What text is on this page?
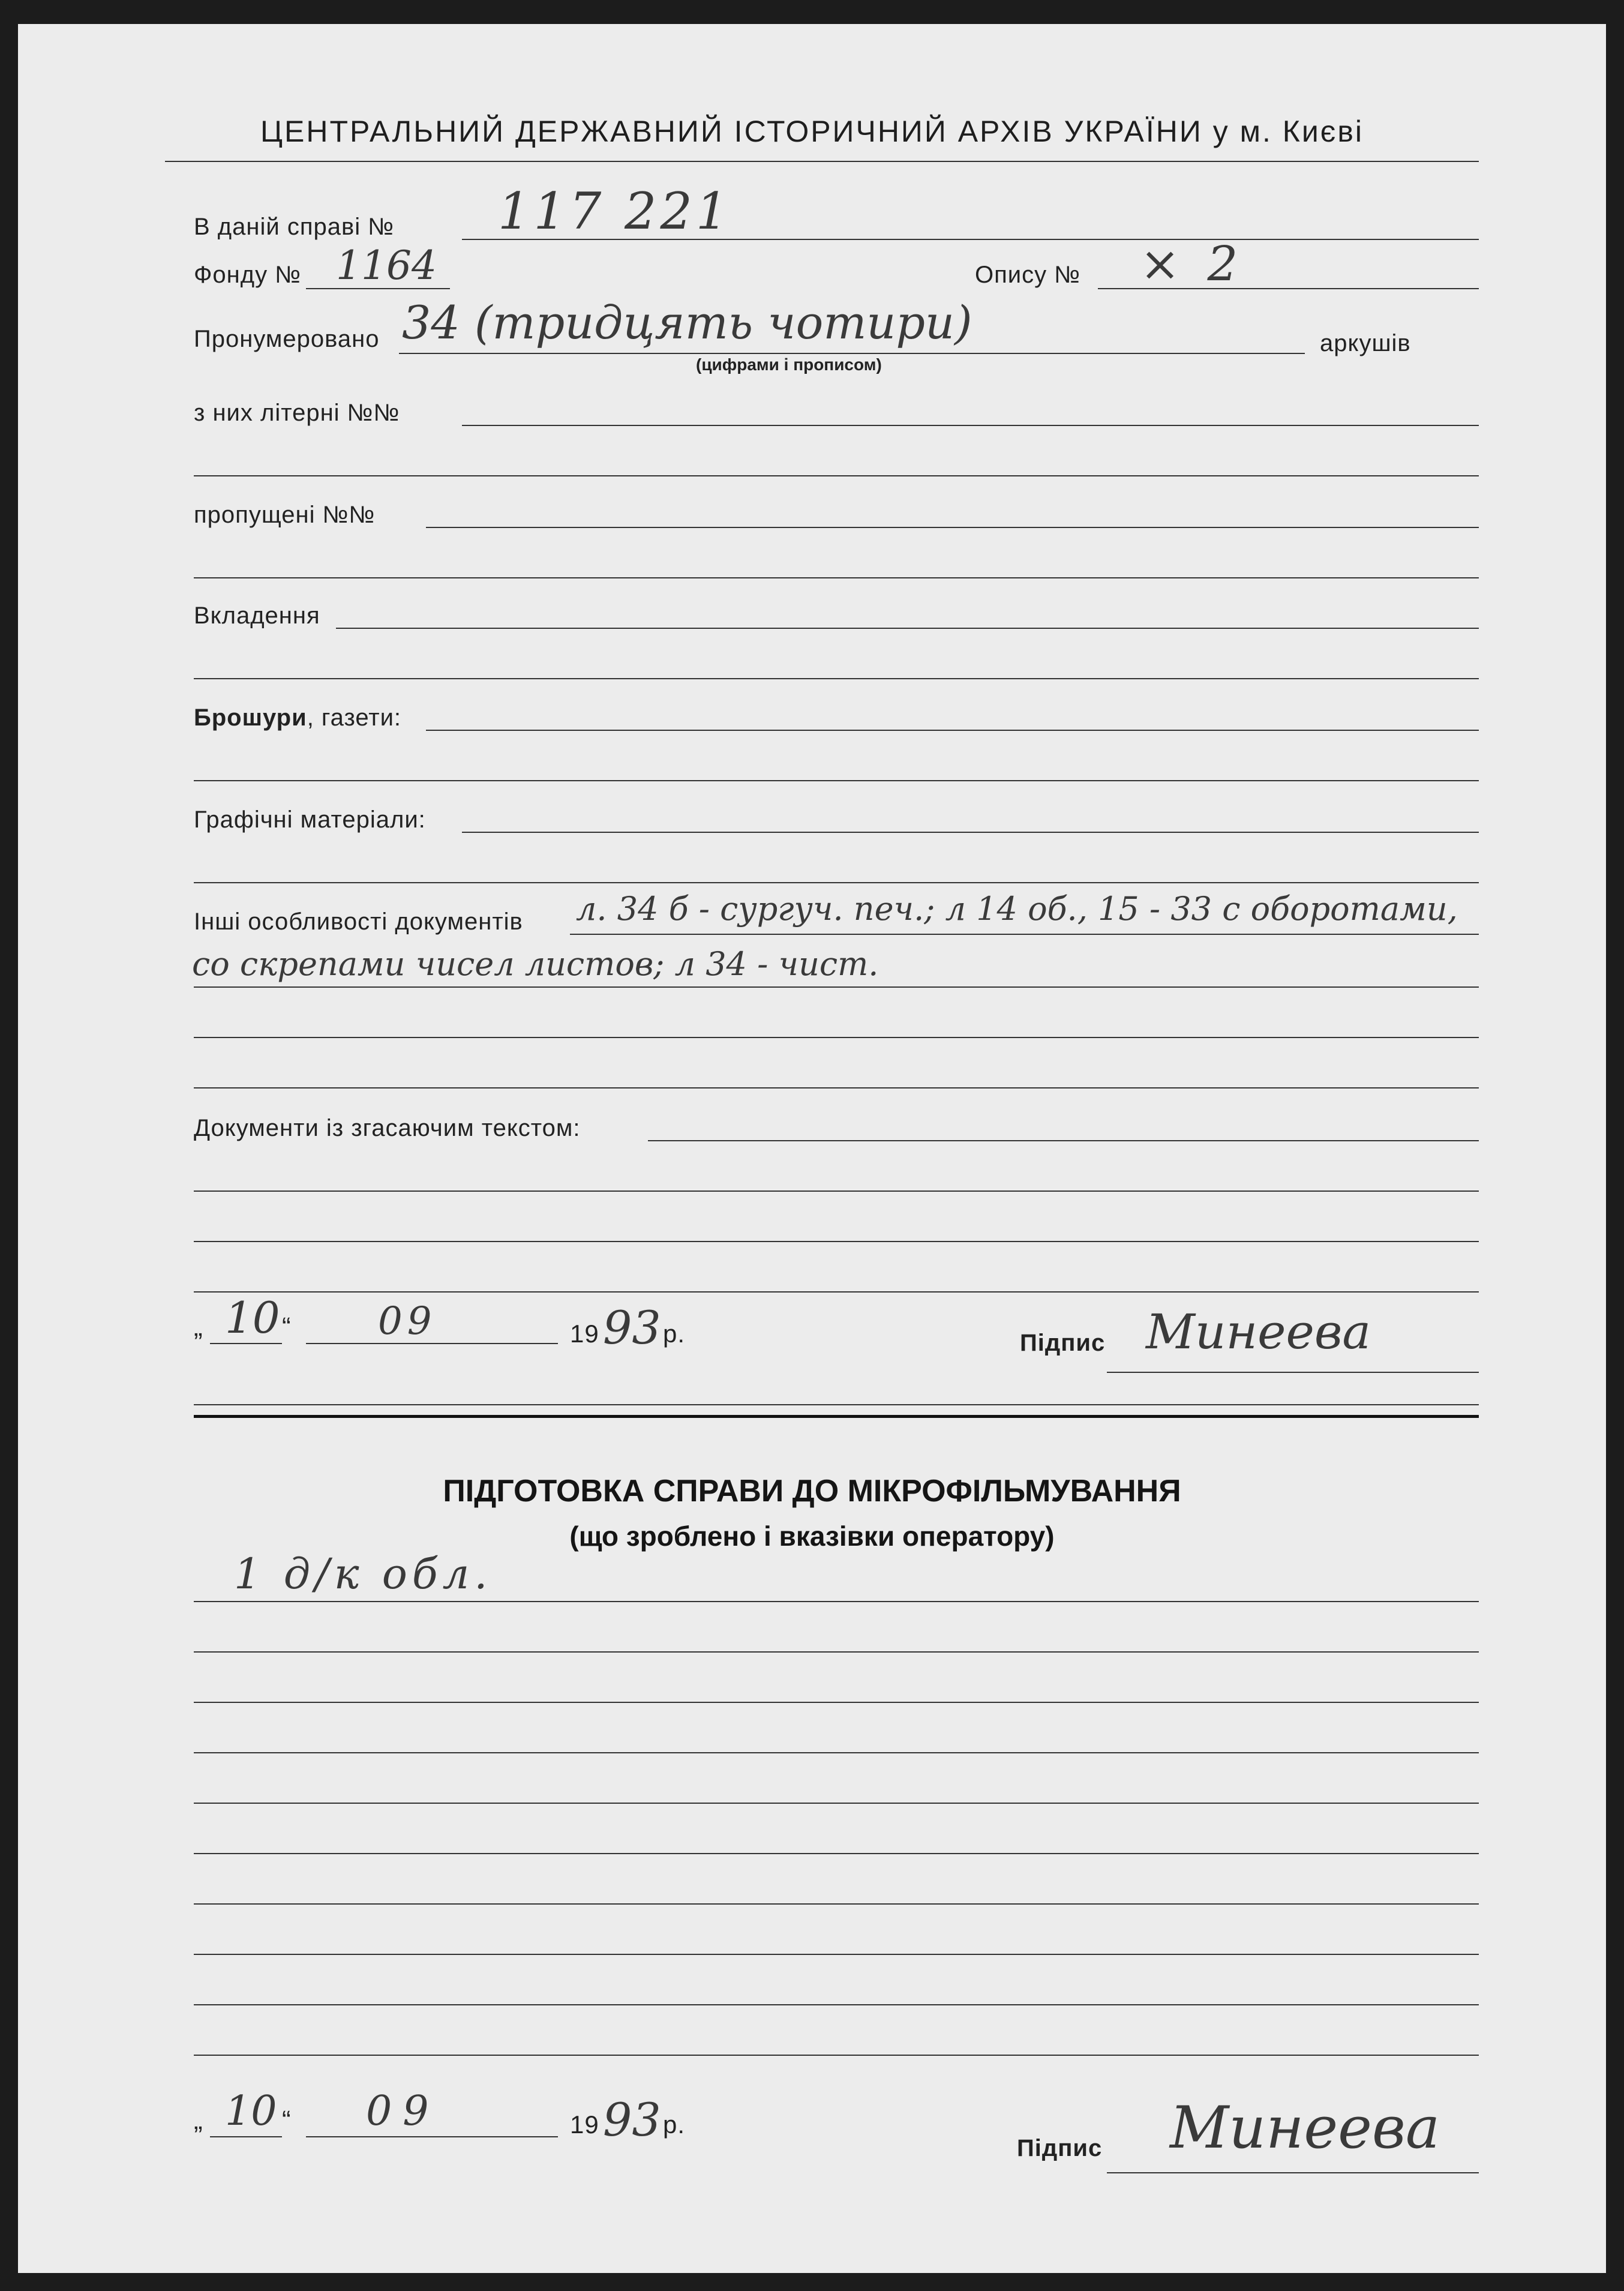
ЦЕНТРАЛЬНИЙ ДЕРЖАВНИЙ ІСТОРИЧНИЙ АРХІВ УКРАЇНИ у м. Києві
В даній справі № 117 221
Фонду № 1164	Опису № × 2
Пронумеровано 34 (тридцять чотири)
(цифрами і прописом)
аркушів
з них літерні №№
пропущені №№
Вкладення
Брошури, газети:
Графічні матеріали:
Інші особливості документів л. 34 б - сургуч. печ.; л 14 об., 15 - 33 с оборотами,
со скрепами чисел листов; л 34 - чист.
Документи із згасаючим текстом:
„ 10 “ 09	19 93 р.	Підпис Минеева
ПІДГОТОВКА СПРАВИ ДО МІКРОФІЛЬМУВАННЯ
(що зроблено і вказівки оператору)
1 д/к обл.
„ 10 “ 09	19 93 р.
Підпис Минеева
